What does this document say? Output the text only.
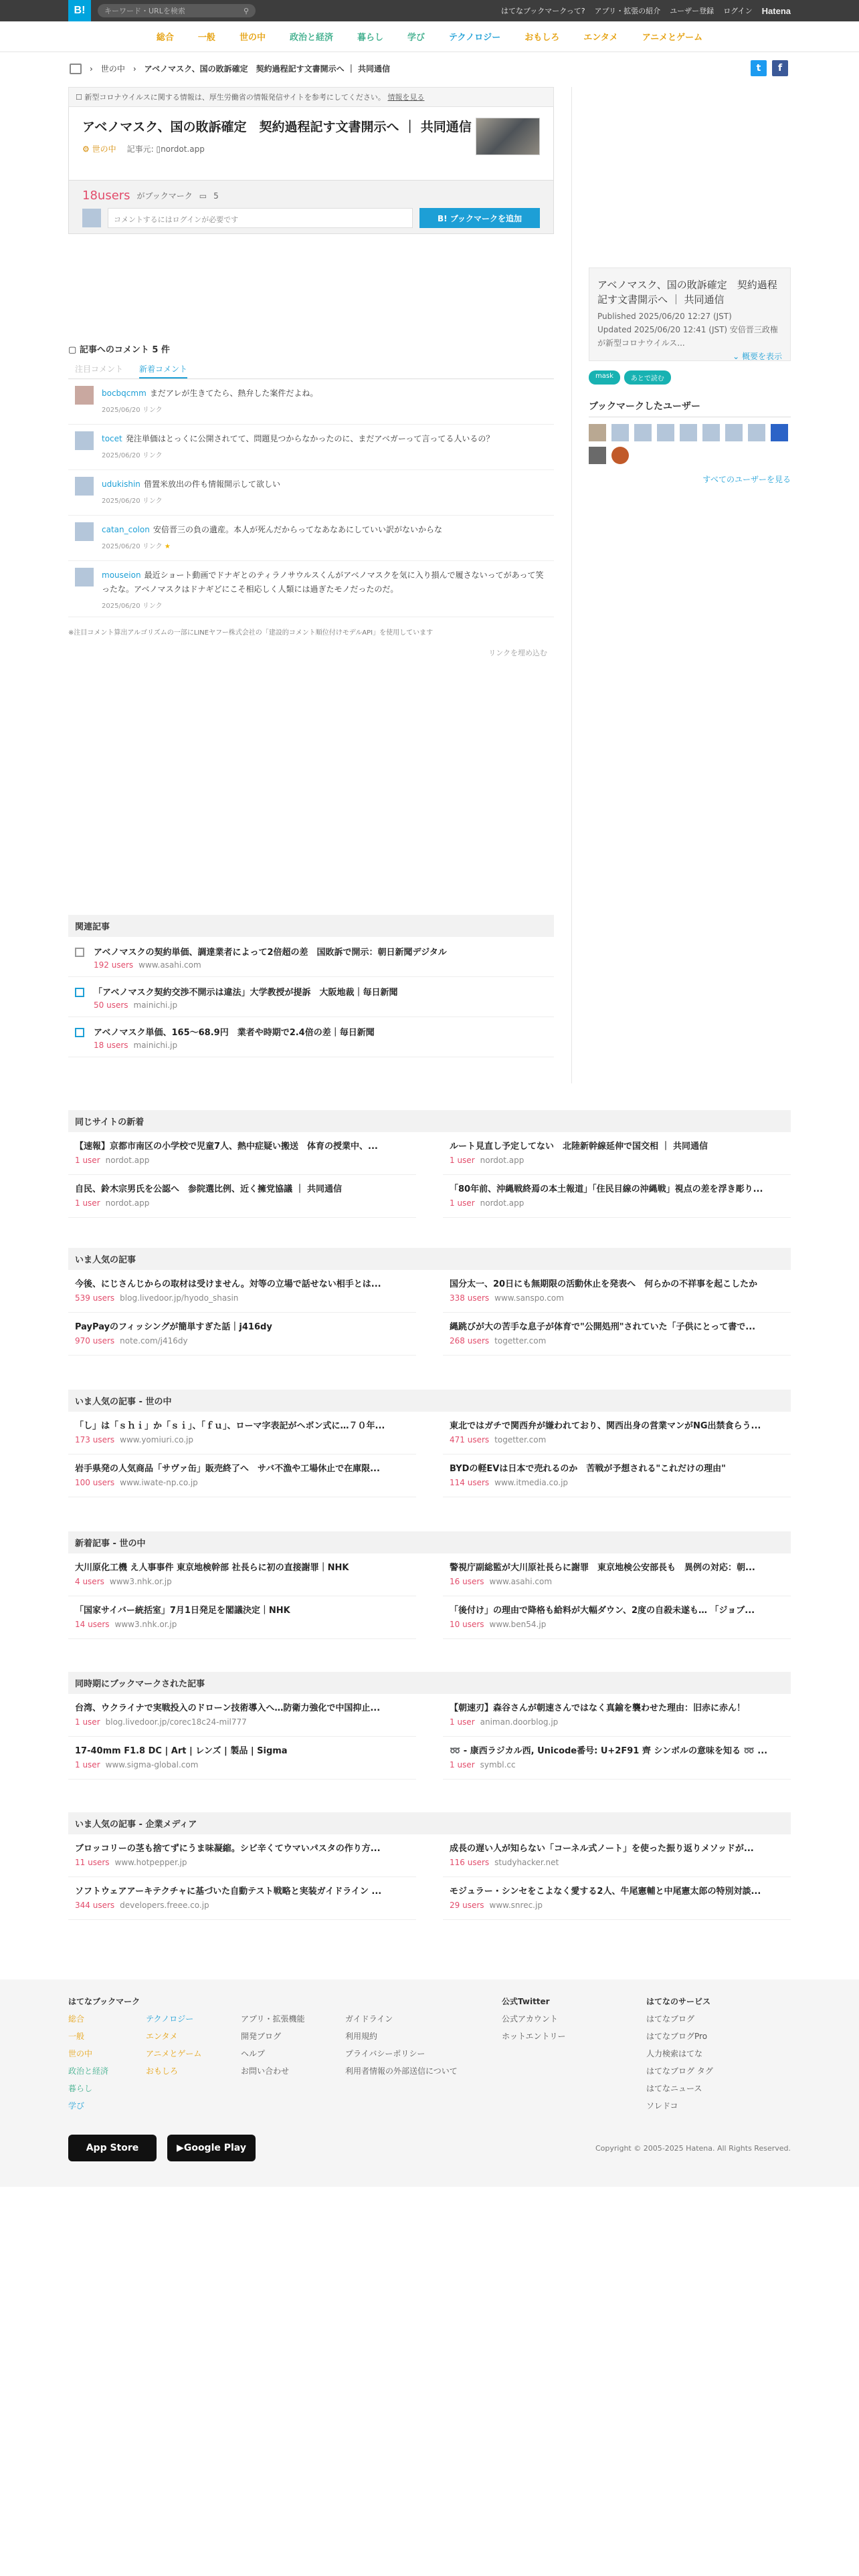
B!	キーワード・URLを検索	⚲	はてなブックマークって? アプリ・拡張の紹介 ユーザー登録 ログイン Hatena
総合	一般	世の中	政治と経済	暮らし	学び	テクノロジー	おもしろ	エンタメ	アニメとゲーム
› 世の中 › アベノマスク、国の敗訴確定　契約過程記す文書開示へ ｜ 共同通信	t	f
☐ 新型コロナウイルスに関する情報は、厚生労働省の情報発信サイトを参考にしてください。 情報を見る
アベノマスク、国の敗訴確定　契約過程記す文書開示へ ｜ 共同通信
⚙ 世の中 記事元: ▯nordot.app
18users がブックマーク ▭ 5
コメントするにはログインが必要です	B! ブックマークを追加
アベノマスク、国の敗訴確定　契約過程記す文書開示へ ｜ 共同通信
Published 2025/06/20 12:27 (JST)
Updated 2025/06/20 12:41 (JST) 安倍晋三政権が新型コロナウイルス...
⌄ 概要を表示
mask	あとで読む
ブックマークしたユーザー
すべてのユーザーを見る
▢ 記事へのコメント 5 件
注目コメント 新着コメント
bocbqcmm まだアレが生きてたら、熱弁した案件だよね。
2025/06/20 リンク
tocet 発注単価はとっくに公開されてて、問題見つからなかったのに、まだアベガーって言ってる人いるの？
2025/06/20 リンク
udukishin 借置米放出の件も情報開示して欲しい
2025/06/20 リンク
catan_colon 安倍晋三の負の遺産。本人が死んだからってなあなあにしていい訳がないからな
2025/06/20 リンク ★
mouseion 最近ショート動画でドナギとのティラノサウルスくんがアベノマスクを気に入り損んで履さないってがあって笑ったな。アベノマスクはドナギどにこそ相応しく人類には過ぎたモノだったのだ。
2025/06/20 リンク
※注目コメント算出アルゴリズムの一部にLINEヤフー株式会社の「建設的コメント順位付けモデルAPI」を使用しています
リンクを埋め込む
関連記事
アベノマスクの契約単価、調達業者によって2倍超の差　国敗訴で開示：朝日新聞デジタル
192 users www.asahi.com
「アベノマスク契約交渉不開示は違法」大学教授が提訴　大阪地裁｜毎日新聞
50 users mainichi.jp
アベノマスク単価、165～68.9円　業者や時期で2.4倍の差｜毎日新聞
18 users mainichi.jp
同じサイトの新着
【速報】京都市南区の小学校で児童7人、熱中症疑い搬送　体育の授業中、...
1 user nordot.app
自民、鈴木宗男氏を公認へ　参院選比例、近く擁党協議 ｜ 共同通信
1 user nordot.app
ルート見直し予定してない　北陸新幹線延伸で国交相 ｜ 共同通信
1 user nordot.app
「80年前、沖縄戦終焉の本土報道」「住民目線の沖縄戦」視点の差を浮き彫り...
1 user nordot.app
いま人気の記事
今後、にじさんじからの取材は受けません。対等の立場で話せない相手とは...
539 users blog.livedoor.jp/hyodo_shasin
PayPayのフィッシングが簡単すぎた話｜j416dy
970 users note.com/j416dy
国分太一、20日にも無期限の活動休止を発表へ　何らかの不祥事を起こしたか
338 users www.sanspo.com
縄跳びが大の苦手な息子が体育で"公開処刑"されていた「子供にとって書で...
268 users togetter.com
いま人気の記事 - 世の中
「し」は「ｓｈｉ」か「ｓｉ」、「ｆｕ」、ローマ字表記がヘボン式に…７０年...
173 users www.yomiuri.co.jp
岩手県発の人気商品「サヴァ缶」販売終了へ　サバ不漁や工場休止で在庫限...
100 users www.iwate-np.co.jp
東北ではガチで関西弁が嫌われており、関西出身の営業マンがNG出禁食らう...
471 users togetter.com
BYDの軽EVは日本で売れるのか　苦戦が予想される"これだけの理由"
114 users www.itmedia.co.jp
新着記事 - 世の中
大川原化工機 え人事事件 東京地検幹部 社長らに初の直接謝罪｜NHK
4 users www3.nhk.or.jp
「国家サイバー統括室」7月1日発足を閣議決定｜NHK
14 users www3.nhk.or.jp
警視庁副総監が大川原社長らに謝罪　東京地検公安部長も　異例の対応：朝...
16 users www.asahi.com
「後付け」の理由で降格も給料が大幅ダウン、2度の自殺未遂も… 「ジョブ...
10 users www.ben54.jp
同時期にブックマークされた記事
台湾、ウクライナで実戦投入のドローン技術導入へ…防衛力強化で中国抑止...
1 user blog.livedoor.jp/corec18c24-mil777
17-40mm F1.8 DC | Art | レンズ | 製品 | Sigma
1 user www.sigma-global.com
【朝速刃】森谷さんが朝速さんではなく真鍮を襲わせた理由：旧赤に赤ん！
1 user animan.doorblog.jp
➿ - 康西ラジカル西, Unicode番号: U+2F91 ⿑ シンボルの意味を知る ➿ ...
1 user symbl.cc
いま人気の記事 - 企業メディア
ブロッコリーの茎も捨てずにうま味凝縮。シビ辛くてウマいパスタの作り方...
11 users www.hotpepper.jp
ソフトウェアアーキテクチャに基づいた自動テスト戦略と実装ガイドライン ...
344 users developers.freee.co.jp
成長の遅い人が知らない「コーネル式ノート」を使った振り返りメソッドが...
116 users studyhacker.net
モジュラー・シンセをこよなく愛する2人、牛尾憲輔と中尾憲太郎の特別対談...
29 users www.snrec.jp
はてなブックマーク
総合
一般
世の中
政治と経済
暮らし
学び
テクノロジー
エンタメ
アニメとゲーム
おもしろ
アプリ・拡張機能
開発ブログ
ヘルプ
お問い合わせ
ガイドライン
利用規約
プライバシーポリシー
利用者情報の外部送信について
公式Twitter
公式アカウント
ホットエントリー
はてなのサービス
はてなブログ
はてなブログPro
人力検索はてな
はてなブログ タグ
はてなニュース
ソレドコ
App Store	▶ Google Play	Copyright © 2005-2025 Hatena. All Rights Reserved.
